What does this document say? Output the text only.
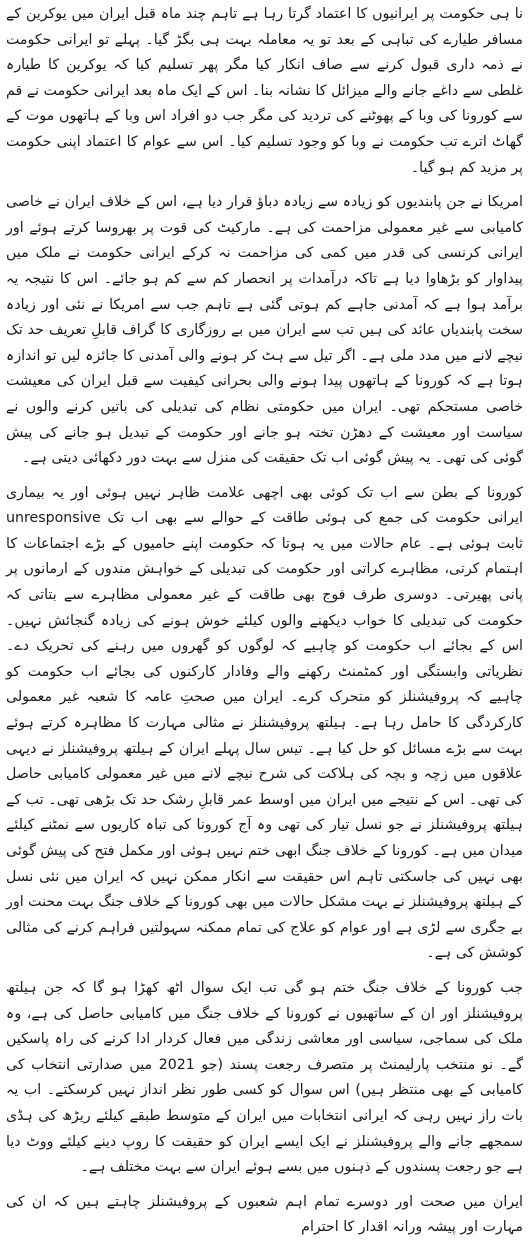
نا ہی حکومت پر ایرانیوں کا اعتماد گرتا رہا ہے تاہم چند ماہ قبل ایران میں یوکرین کے مسافر طیارے کی تباہی کے بعد تو یہ معاملہ بہت ہی بگڑ گیا۔ پہلے تو ایرانی حکومت نے ذمہ داری قبول کرنے سے صاف انکار کیا مگر پھر تسلیم کیا کہ یوکرین کا طیارہ غلطی سے داغے جانے والے میزائل کا نشانہ بنا۔ اس کے ایک ماہ بعد ایرانی حکومت نے قم سے کورونا کی وبا کے پھوٹنے کی تردید کی مگر جب دو افراد اس وبا کے ہاتھوں موت کے گھاٹ اترے تب حکومت نے وبا کو وجود تسلیم کیا۔ اس سے عوام کا اعتماد اپنی حکومت پر مزید کم ہو گیا۔

امریکا نے جن پابندیوں کو زیادہ سے زیادہ دباؤ قرار دیا ہے، اس کے خلاف ایران نے خاصی کامیابی سے غیر معمولی مزاحمت کی ہے۔ مارکیٹ کی قوت پر بھروسا کرتے ہوئے اور ایرانی کرنسی کی قدر میں کمی کی مزاحمت نہ کرکے ایرانی حکومت نے ملک میں پیداوار کو بڑھاوا دیا ہے تاکہ درآمدات پر انحصار کم سے کم ہو جائے۔ اس کا نتیجہ یہ برآمد ہوا ہے کہ آمدنی جاہے کم ہوتی گئی ہے تاہم جب سے امریکا نے نئی اور زیادہ سخت پابندیاں عائد کی ہیں تب سے ایران میں بے روزگاری کا گراف قابلِ تعریف حد تک نیچے لانے میں مدد ملی ہے۔ اگر تیل سے ہٹ کر ہونے والی آمدنی کا جائزہ لیں تو اندازہ ہوتا ہے کہ کورونا کے ہاتھوں پیدا ہونے والی بحرانی کیفیت سے قبل ایران کی معیشت خاصی مستحکم تھی۔ ایران میں حکومتی نظام کی تبدیلی کی باتیں کرنے والوں نے سیاست اور معیشت کے دھڑن تختہ ہو جانے اور حکومت کے تبدیل ہو جانے کی پیش گوئی کی تھی۔ یہ پیش گوئی اب تک حقیقت کی منزل سے بہت دور دکھائی دیتی ہے۔

کورونا کے بطن سے اب تک کوئی بھی اچھی علامت ظاہر نہیں ہوئی اور یہ بیماری ایرانی حکومت کی جمع کی ہوئی طاقت کے حوالے سے بھی اب تک unresponsive ثابت ہوئی ہے۔ عام حالات میں یہ ہوتا کہ حکومت اپنے حامیوں کے بڑے اجتماعات کا اہتمام کرتی، مظاہرے کراتی اور حکومت کی تبدیلی کے خواہش مندوں کے ارمانوں پر پانی پھیرتی۔ دوسری طرف فوج بھی طاقت کے غیر معمولی مظاہرے سے بتاتی کہ حکومت کی تبدیلی کا خواب دیکھنے والوں کیلئے خوش ہونے کی زیادہ گنجائش نہیں۔ اس کے بجائے اب حکومت کو چاہیے کہ لوگوں کو گھروں میں رہنے کی تحریک دے۔ نظریاتی وابستگی اور کمٹمنٹ رکھنے والے وفادار کارکنوں کی بجائے اب حکومت کو چاہیے کہ پروفیشنلز کو متحرک کرے۔ ایران میں صحتِ عامہ کا شعبہ غیر معمولی کارکردگی کا حامل رہا ہے۔ ہیلتھ پروفیشنلز نے مثالی مہارت کا مظاہرہ کرتے ہوئے بہت سے بڑے مسائل کو حل کیا ہے۔ تیس سال پہلے ایران کے ہیلتھ پروفیشنلز نے دیہی علاقوں میں زچہ و بچہ کی ہلاکت کی شرح نیچے لانے میں غیر معمولی کامیابی حاصل کی تھی۔ اس کے نتیجے میں ایران میں اوسط عمر قابلِ رشک حد تک بڑھی تھی۔ تب کے ہیلتھ پروفیشنلز نے جو نسل تیار کی تھی وہ آج کورونا کی تباہ کاریوں سے نمٹنے کیلئے میدان میں ہے۔ کورونا کے خلاف جنگ ابھی ختم نہیں ہوئی اور مکمل فتح کی پیش گوئی بھی نہیں کی جاسکتی تاہم اس حقیقت سے انکار ممکن نہیں کہ ایران میں نئی نسل کے ہیلتھ پروفیشنلز نے بہت مشکل حالات میں بھی کورونا کے خلاف جنگ بہت محنت اور بے جگری سے لڑی ہے اور عوام کو علاج کی تمام ممکنہ سہولتیں فراہم کرنے کی مثالی کوشش کی ہے۔

جب کورونا کے خلاف جنگ ختم ہو گی تب ایک سوال اٹھ کھڑا ہو گا کہ جن ہیلتھ پروفیشنلز اور ان کے ساتھیوں نے کورونا کے خلاف جنگ میں کامیابی حاصل کی ہے، وہ ملک کی سماجی، سیاسی اور معاشی زندگی میں فعال کردار ادا کرنے کی راہ پاسکیں گے۔ نو منتخب پارلیمنٹ پر متصرف رجعت پسند (جو 2021 میں صدارتی انتخاب کی کامیابی کے بھی منتظر ہیں) اس سوال کو کسی طور نظر انداز نہیں کرسکتے۔ اب یہ بات راز نہیں رہی کہ ایرانی انتخابات میں ایران کے متوسط طبقے کیلئے ریڑھ کی ہڈی سمجھے جانے والے پروفیشنلز نے ایک ایسے ایران کو حقیقت کا روپ دینے کیلئے ووٹ دیا ہے جو رجعت پسندوں کے ذہنوں میں بسے ہوئے ایران سے بہت مختلف ہے۔

ایران میں صحت اور دوسرے تمام اہم شعبوں کے پروفیشنلز چاہتے ہیں کہ ان کی مہارت اور پیشہ ورانہ اقدار کا احترام
